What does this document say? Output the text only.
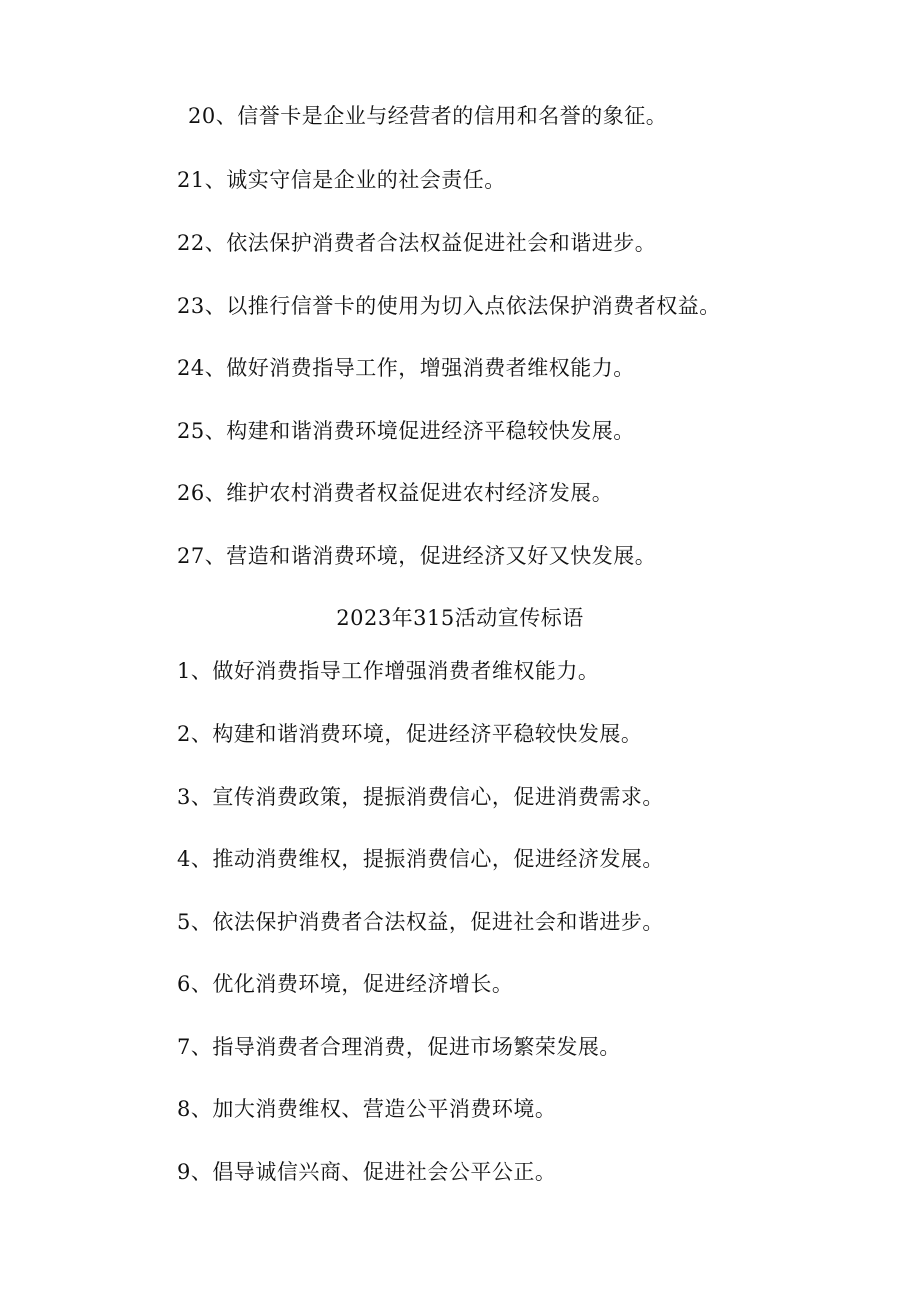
20、信誉卡是企业与经营者的信用和名誉的象征。
21、诚实守信是企业的社会责任。
22、依法保护消费者合法权益促进社会和谐进步。
23、以推行信誉卡的使用为切入点依法保护消费者权益。
24、做好消费指导工作，增强消费者维权能力。
25、构建和谐消费环境促进经济平稳较快发展。
26、维护农村消费者权益促进农村经济发展。
27、营造和谐消费环境，促进经济又好又快发展。
2023年315活动宣传标语
1、做好消费指导工作增强消费者维权能力。
2、构建和谐消费环境，促进经济平稳较快发展。
3、宣传消费政策，提振消费信心，促进消费需求。
4、推动消费维权，提振消费信心，促进经济发展。
5、依法保护消费者合法权益，促进社会和谐进步。
6、优化消费环境，促进经济增长。
7、指导消费者合理消费，促进市场繁荣发展。
8、加大消费维权、营造公平消费环境。
9、倡导诚信兴商、促进社会公平公正。
